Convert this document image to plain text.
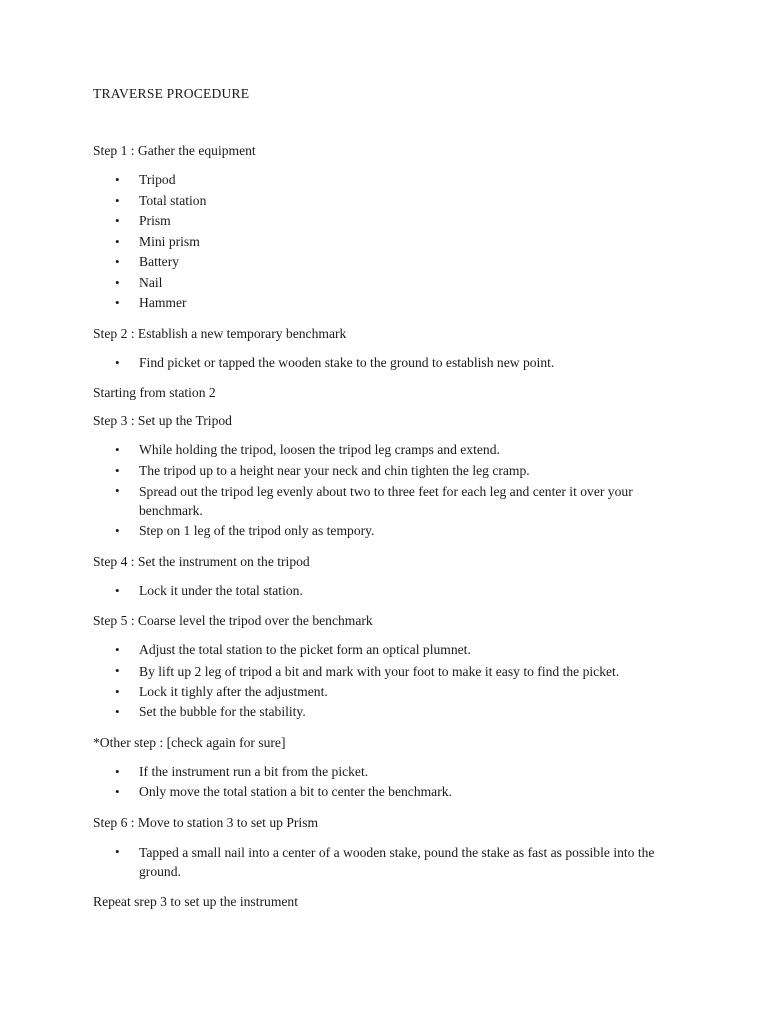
TRAVERSE PROCEDURE
Step 1 : Gather the equipment
• Tripod
• Total station
• Prism
• Mini prism
• Battery
• Nail
• Hammer
Step 2 : Establish a new temporary benchmark
• Find picket or tapped the wooden stake to the ground to establish new point.
Starting from station 2
Step 3 : Set up the Tripod
• While holding the tripod, loosen the tripod leg cramps and extend.
• The tripod up to a height near your neck and chin tighten the leg cramp.
• Spread out the tripod leg evenly about two to three feet for each leg and center it over your benchmark.
• Step on 1 leg of the tripod only as tempory.
Step 4 : Set the instrument on the tripod
• Lock it under the total station.
Step 5 : Coarse level the tripod over the benchmark
• Adjust the total station to the picket form an optical plumnet.
• By lift up 2 leg of tripod a bit and mark with your foot to make it easy to find the picket.
• Lock it tighly after the adjustment.
• Set the bubble for the stability.
*Other step : [check again for sure]
• If the instrument run a bit from the picket.
• Only move the total station a bit to center the benchmark.
Step 6 : Move to station 3 to set up Prism
• Tapped a small nail into a center of a wooden stake, pound the stake as fast as possible into the ground.
Repeat srep 3 to set up the instrument
